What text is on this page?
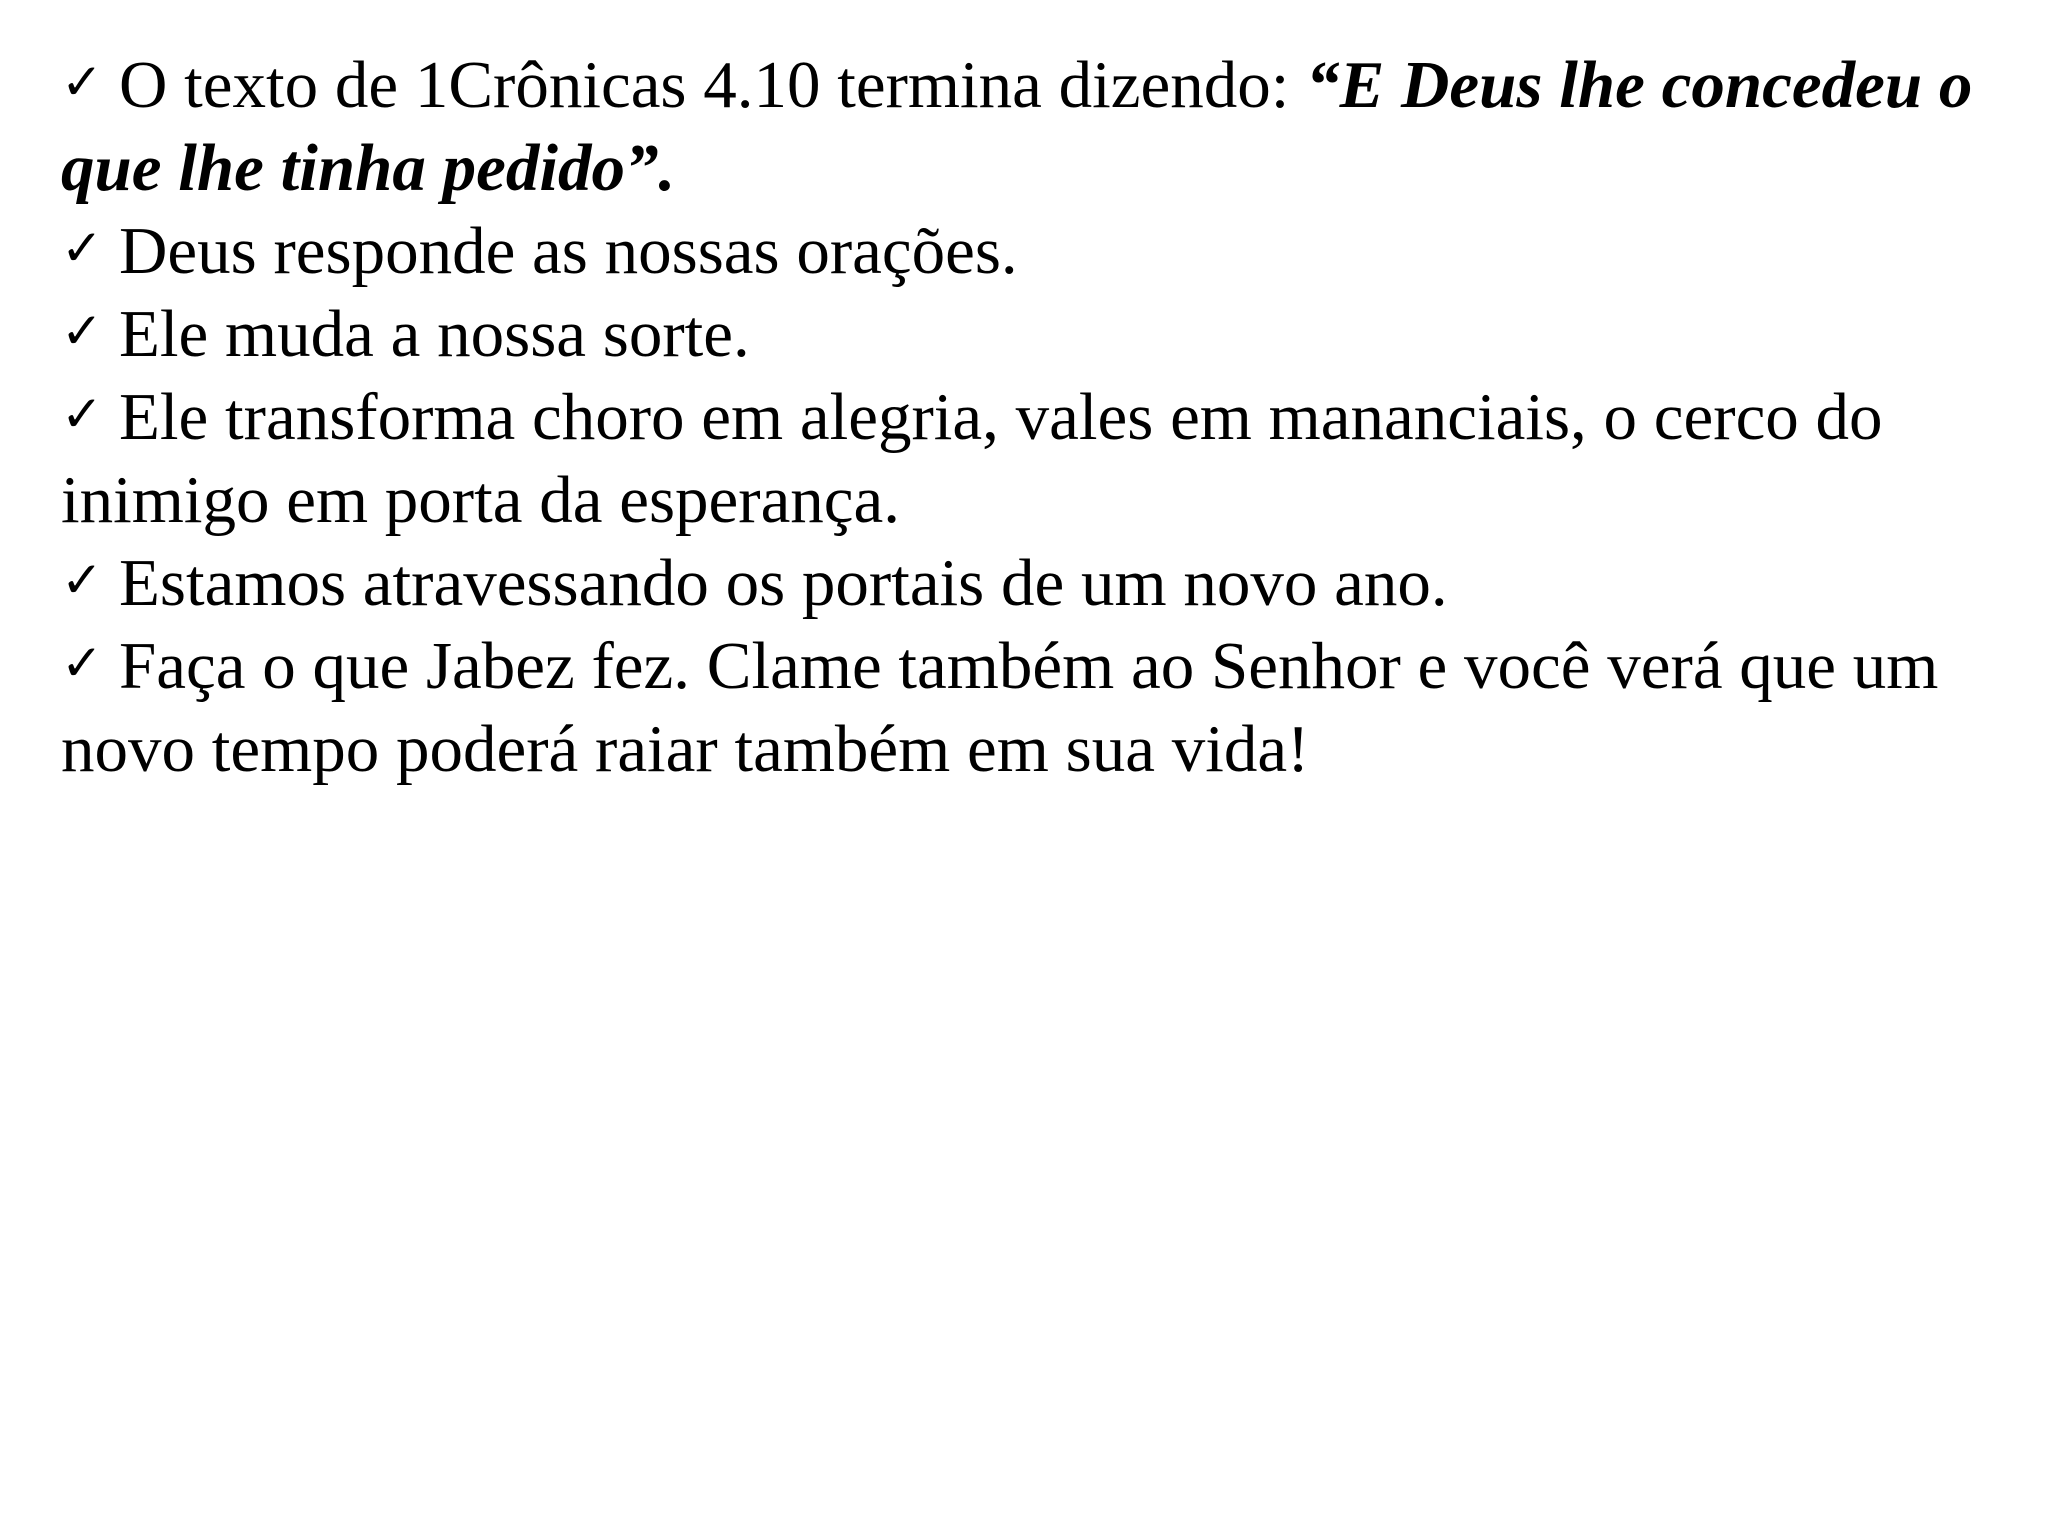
✓ O texto de 1Crônicas 4.10 termina dizendo: “E Deus lhe concedeu o que lhe tinha pedido”.

✓ Deus responde as nossas orações.

✓ Ele muda a nossa sorte.

✓ Ele transforma choro em alegria, vales em mananciais, o cerco do inimigo em porta da esperança.

✓ Estamos atravessando os portais de um novo ano.

✓ Faça o que Jabez fez. Clame também ao Senhor e você verá que um novo tempo poderá raiar também em sua vida!
